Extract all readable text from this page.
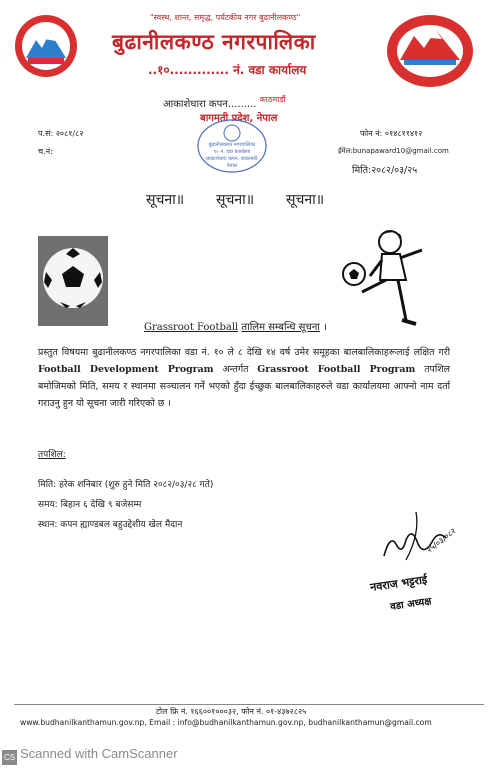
"स्वस्थ, शान्त, समृद्ध, पर्यटकीय नगर बुढानीलकण्ठ"
बुढानीलकण्ठ नगरपालिका
..१०............. नं. वडा कार्यालय
आकाशेधारा कपन......... $^{काठमाडौं}$
बागमती प्रदेश, नेपाल
बुढानीलकण्ठ नगरपालिका
१० नं. वडा कार्यालय
आकाशेधारा कपन, काठमाडौं, नेपाल
प.सं: २०८१/८२
च.नं:
फोन नं: ०१४८११४१२
ईमेल:bunapaward10@gmail.com
मिति:२०८२/०३/२५
सूचना॥ सूचना॥ सूचना॥
Grassroot Football तालिम सम्बन्धि सूचना ।
प्रस्तुत विषयमा बुढानीलकण्ठ नगरपालिका वडा नं. १० ले ८ देखि १४ वर्ष उमेर समूहका बालबालिकाहरूलाई लक्षित गरी Football Development Program अन्तर्गत Grassroot Football Program तपशिल बमोजिमको मिति, समय र स्थानमा सञ्चालन गर्ने भएको हुँदा ईच्छुक बालबालिकाहरुले वडा कार्यालयमा आफ्नो नाम दर्ता गराउनु हुन यो सूचना जारी गरिएको छ ।
तपशिल:
मिति: हरेक शनिबार (शुरु हुने मिति २०८२/०३/२८ गते)
समय: बिहान ६ देखि ९ बजेसम्म
स्थान: कपन ह्याण्डबल बहुउद्देशीय खेल मैदान
२५/०३/०८२
नवराज भट्टराई
वडा अध्यक्ष
टोल फ्रि नं. १६६००१०००३२, फोन नं. ०१-४३७२८२५
www.budhanilkanthamun.gov.np, Email : info@budhanilkanthamun.gov.np, budhanilkanthamun@gmail.com
CS Scanned with CamScanner
